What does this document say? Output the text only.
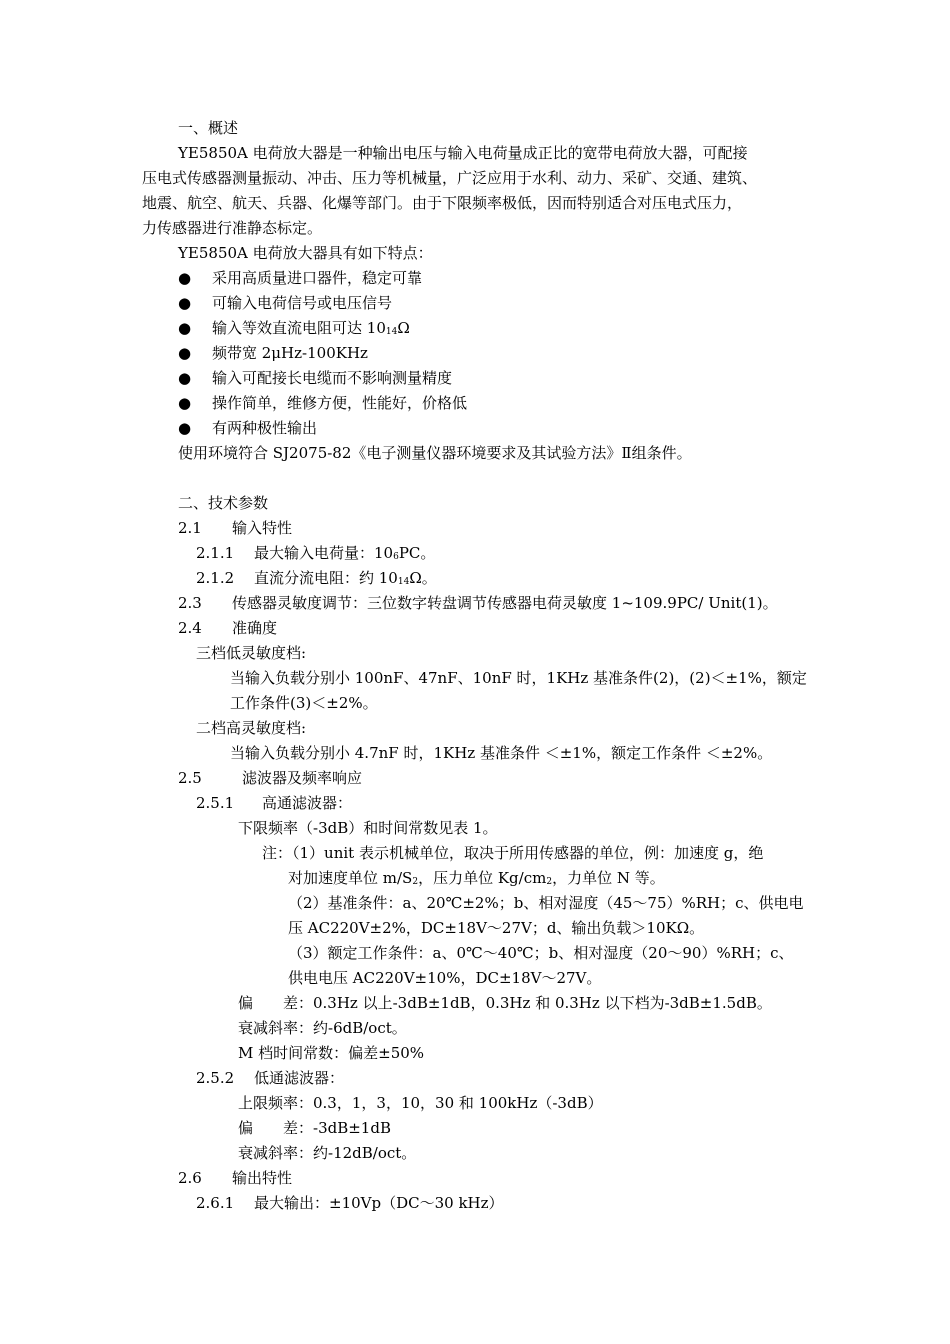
一、概述
YE5850A 电荷放大器是一种输出电压与输入电荷量成正比的宽带电荷放大器，可配接
压电式传感器测量振动、冲击、压力等机械量，广泛应用于水利、动力、采矿、交通、建筑、
地震、航空、航天、兵器、化爆等部门。由于下限频率极低，因而特别适合对压电式压力，
力传感器进行准静态标定。
YE5850A 电荷放大器具有如下特点：
● 采用高质量进口器件，稳定可靠
● 可输入电荷信号或电压信号
● 输入等效直流电阻可达 $10_{14}\Omega$
● 频带宽 2μHz-100KHz
● 输入可配接长电缆而不影响测量精度
● 操作简单，维修方便，性能好，价格低
● 有两种极性输出
使用环境符合 SJ2075-82《电子测量仪器环境要求及其试验方法》Ⅱ组条件。
二、技术参数
2.1 输入特性
2.1.1 最大输入电荷量：$10_6PC$。
2.1.2 直流分流电阻：约 $10_{14}\Omega$。
2.3 传感器灵敏度调节：三位数字转盘调节传感器电荷灵敏度 1~109.9PC/ Unit(1)。
2.4 准确度
三档低灵敏度档:
当输入负载分别小 100nF、47nF、10nF 时，1KHz 基准条件(2)，(2)＜±1%，额定
工作条件(3)＜±2%。
二档高灵敏度档:
当输入负载分别小 4.7nF 时，1KHz 基准条件 ＜±1%，额定工作条件 ＜±2%。
2.5	滤波器及频率响应
2.5.1 高通滤波器：
下限频率（-3dB）和时间常数见表 1。
注：（1）unit 表示机械单位，取决于所用传感器的单位，例：加速度 g，绝
对加速度单位 $m/S_2$，压力单位 $Kg/cm_2$，力单位 N 等。
（2）基准条件：a、20℃±2%；b、相对湿度（45～75）%RH；c、供电电
压 AC220V±2%，DC±18V～27V；d、输出负载＞10KΩ。
（3）额定工作条件：a、0℃～40℃；b、相对湿度（20～90）%RH；c、
供电电压 AC220V±10%，DC±18V～27V。
偏　　差：0.3Hz 以上-3dB±1dB，0.3Hz 和 0.3Hz 以下档为-3dB±1.5dB。
衰减斜率：约-6dB/oct。
M 档时间常数：偏差±50%
2.5.2 低通滤波器：
上限频率：0.3，1，3，10，30 和 100kHz（-3dB）
偏　　差：-3dB±1dB
衰减斜率：约-12dB/oct。
2.6 输出特性
2.6.1 最大输出：±10Vp（DC～30 kHz）
